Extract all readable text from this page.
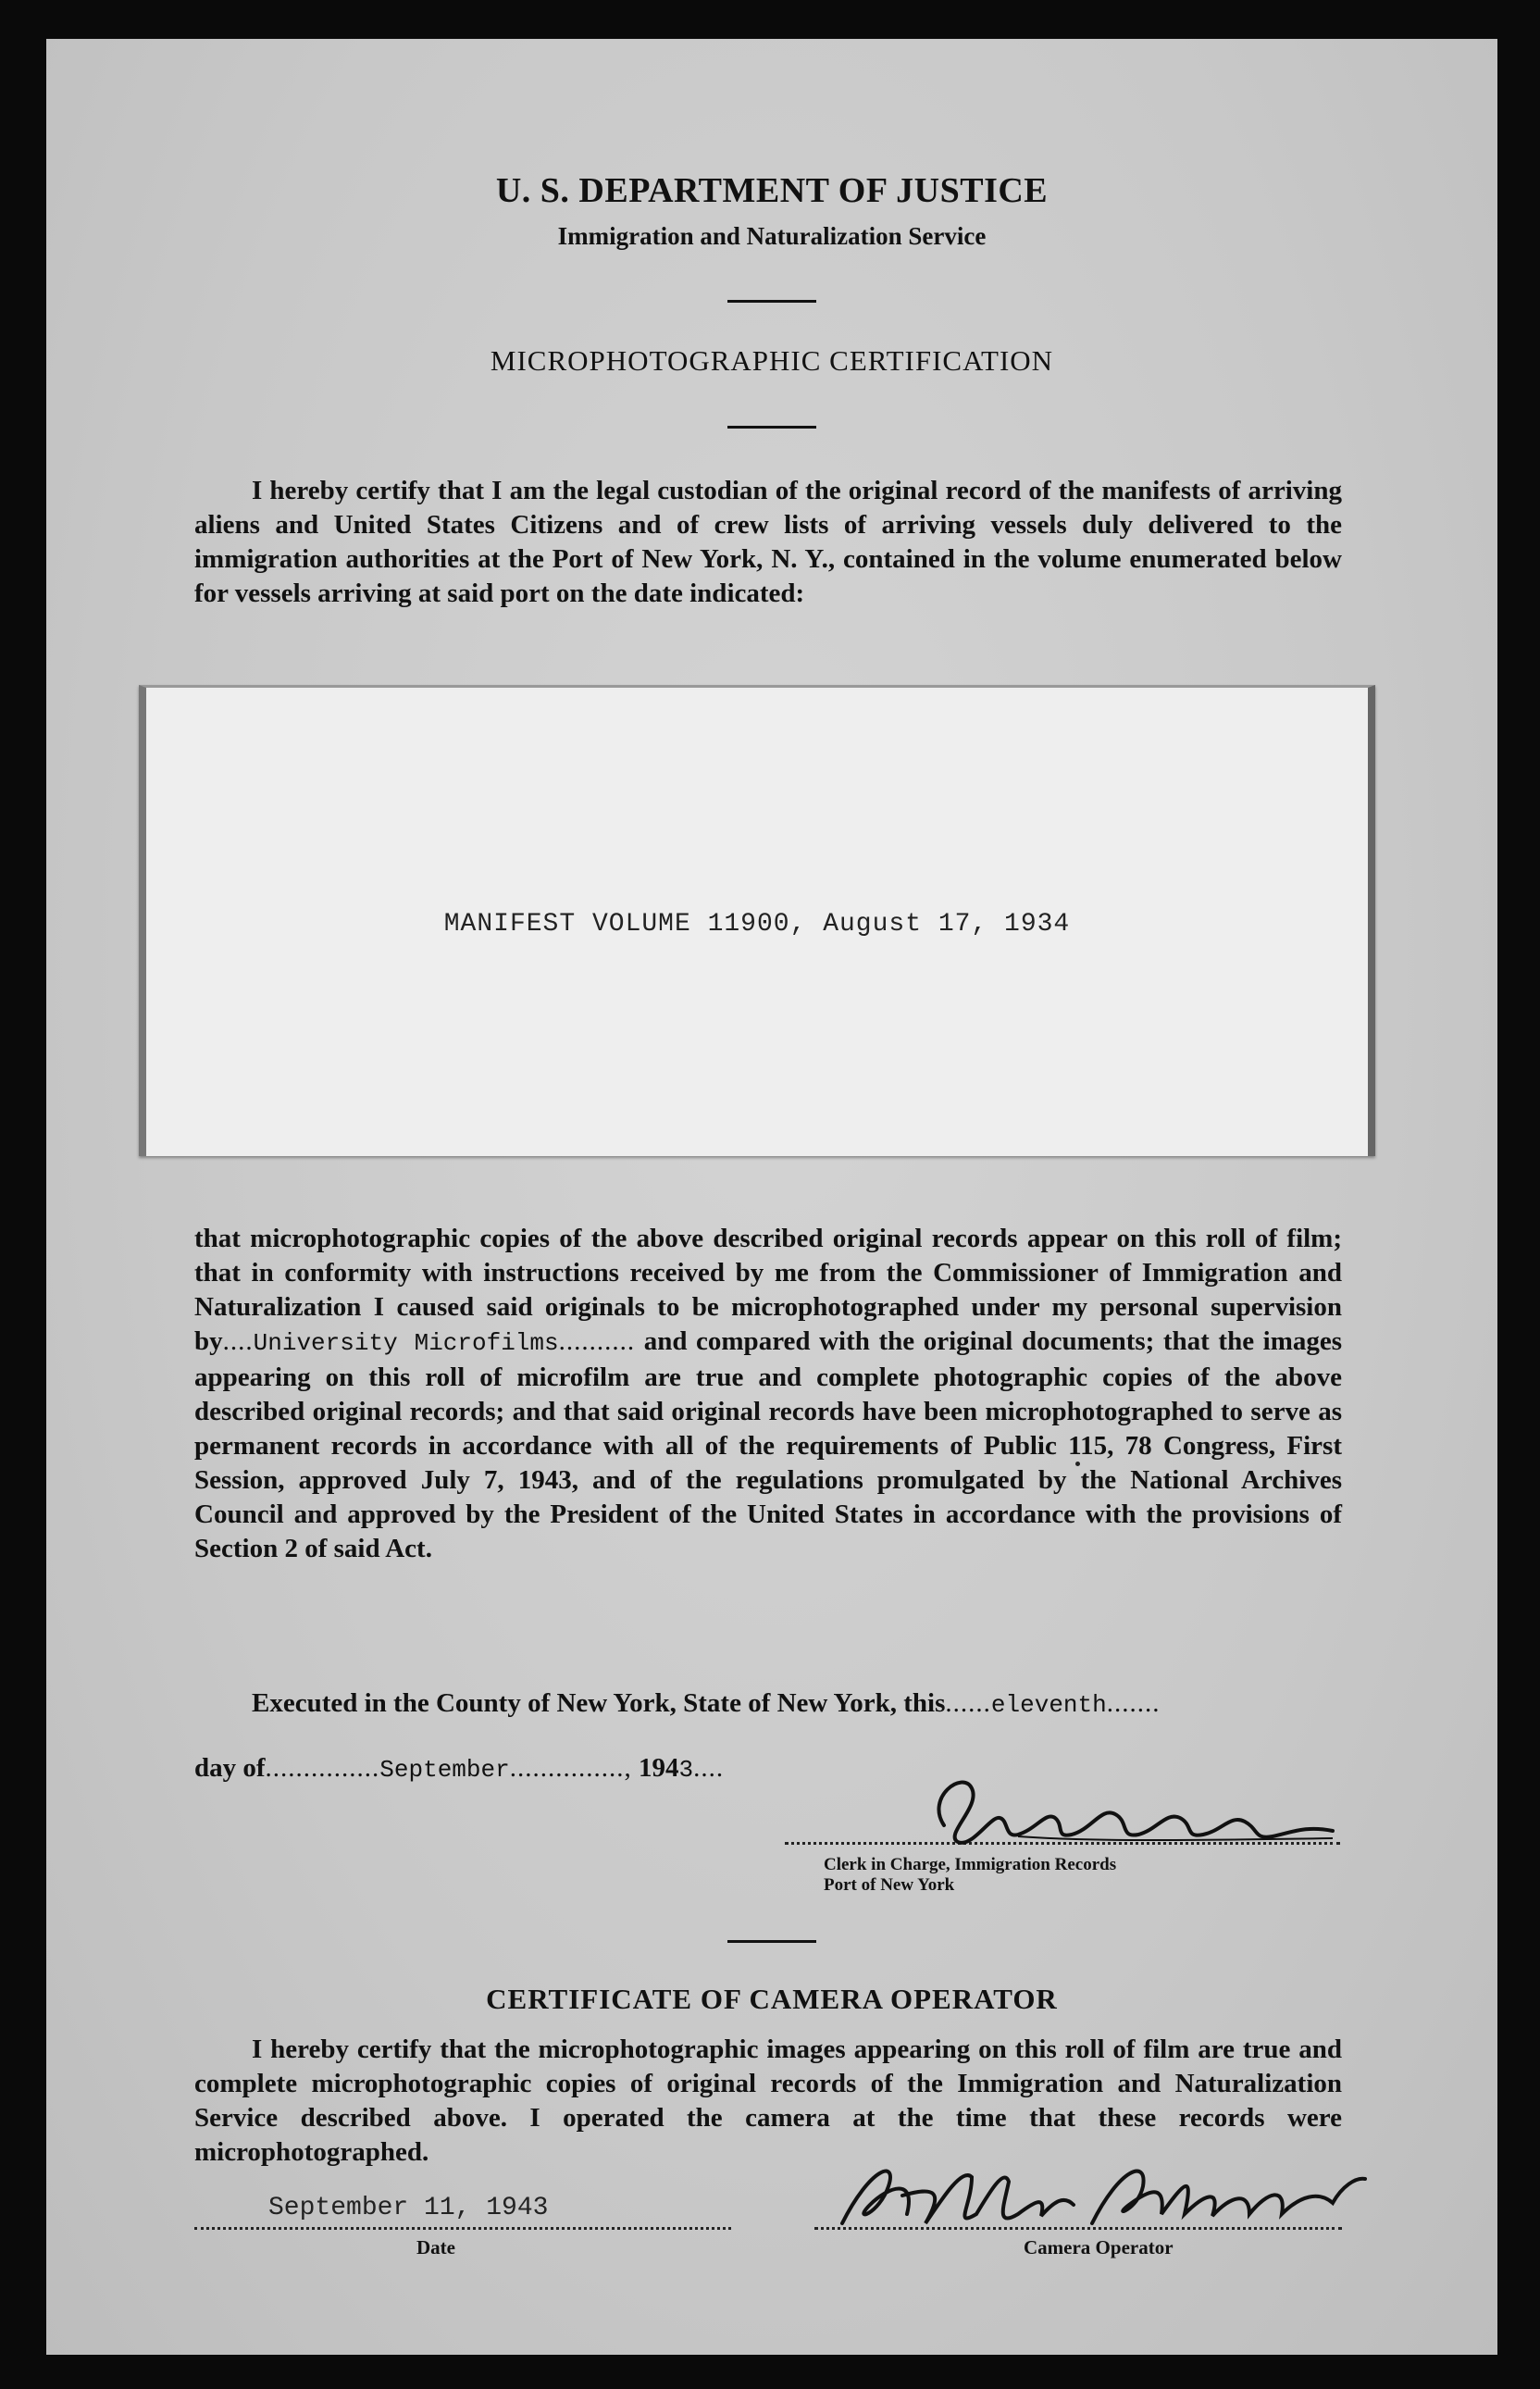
U. S. DEPARTMENT OF JUSTICE
Immigration and Naturalization Service
MICROPHOTOGRAPHIC CERTIFICATION
I hereby certify that I am the legal custodian of the original record of the manifests of arriving aliens and United States Citizens and of crew lists of arriving vessels duly delivered to the immigration authorities at the Port of New York, N. Y., contained in the volume enumerated below for vessels arriving at said port on the date indicated:
MANIFEST VOLUME 11900, August 17, 1934
that microphotographic copies of the above described original records appear on this roll of film; that in conformity with instructions received by me from the Commissioner of Immigration and Naturalization I caused said originals to be microphotographed under my personal supervision by....University Microfilms.......... and compared with the original documents; that the images appearing on this roll of microfilm are true and complete photographic copies of the above described original records; and that said original records have been microphotographed to serve as permanent records in accordance with all of the requirements of Public 115, 78 Congress, First Session, approved July 7, 1943, and of the regulations promulgated by the National Archives Council and approved by the President of the United States in accordance with the provisions of Section 2 of said Act.
Executed in the County of New York, State of New York, this......eleventh.......
day of...............September..............., 1943....
Clerk in Charge, Immigration Records
Port of New York
CERTIFICATE OF CAMERA OPERATOR
I hereby certify that the microphotographic images appearing on this roll of film are true and complete microphotographic copies of original records of the Immigration and Naturalization Service described above. I operated the camera at the time that these records were microphotographed.
September 11, 1943
Date	Camera Operator
